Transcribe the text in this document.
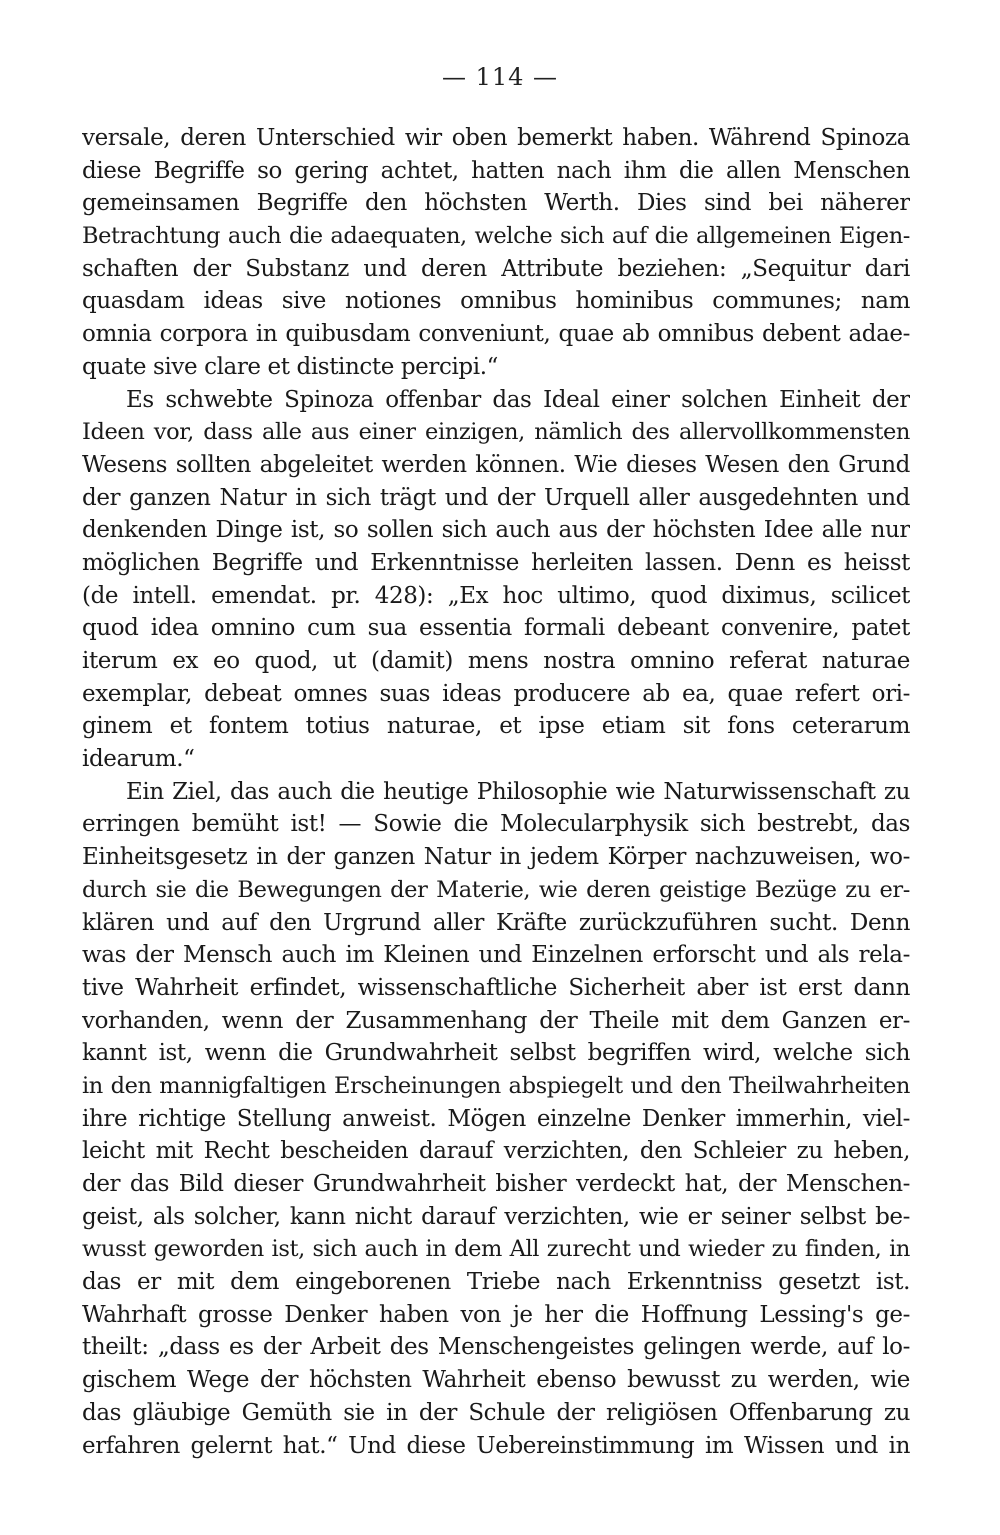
— 114 —
versale, deren Unterschied wir oben bemerkt haben. Während Spinoza
diese Begriffe so gering achtet, hatten nach ihm die allen Menschen
gemeinsamen Begriffe den höchsten Werth. Dies sind bei näherer
Betrachtung auch die adaequaten, welche sich auf die allgemeinen Eigen-
schaften der Substanz und deren Attribute beziehen: „Sequitur dari
quasdam ideas sive notiones omnibus hominibus communes; nam
omnia corpora in quibusdam conveniunt, quae ab omnibus debent adae-
quate sive clare et distincte percipi.“
Es schwebte Spinoza offenbar das Ideal einer solchen Einheit der
Ideen vor, dass alle aus einer einzigen, nämlich des allervollkommensten
Wesens sollten abgeleitet werden können. Wie dieses Wesen den Grund
der ganzen Natur in sich trägt und der Urquell aller ausgedehnten und
denkenden Dinge ist, so sollen sich auch aus der höchsten Idee alle nur
möglichen Begriffe und Erkenntnisse herleiten lassen. Denn es heisst
(de intell. emendat. pr. 428): „Ex hoc ultimo, quod diximus, scilicet
quod idea omnino cum sua essentia formali debeant convenire, patet
iterum ex eo quod, ut (damit) mens nostra omnino referat naturae
exemplar, debeat omnes suas ideas producere ab ea, quae refert ori-
ginem et fontem totius naturae, et ipse etiam sit fons ceterarum
idearum.“
Ein Ziel, das auch die heutige Philosophie wie Naturwissenschaft zu
erringen bemüht ist! — Sowie die Molecularphysik sich bestrebt, das
Einheitsgesetz in der ganzen Natur in jedem Körper nachzuweisen, wo-
durch sie die Bewegungen der Materie, wie deren geistige Bezüge zu er-
klären und auf den Urgrund aller Kräfte zurückzuführen sucht. Denn
was der Mensch auch im Kleinen und Einzelnen erforscht und als rela-
tive Wahrheit erfindet, wissenschaftliche Sicherheit aber ist erst dann
vorhanden, wenn der Zusammenhang der Theile mit dem Ganzen er-
kannt ist, wenn die Grundwahrheit selbst begriffen wird, welche sich
in den mannigfaltigen Erscheinungen abspiegelt und den Theilwahrheiten
ihre richtige Stellung anweist. Mögen einzelne Denker immerhin, viel-
leicht mit Recht bescheiden darauf verzichten, den Schleier zu heben,
der das Bild dieser Grundwahrheit bisher verdeckt hat, der Menschen-
geist, als solcher, kann nicht darauf verzichten, wie er seiner selbst be-
wusst geworden ist, sich auch in dem All zurecht und wieder zu finden, in
das er mit dem eingeborenen Triebe nach Erkenntniss gesetzt ist.
Wahrhaft grosse Denker haben von je her die Hoffnung Lessing's ge-
theilt: „dass es der Arbeit des Menschengeistes gelingen werde, auf lo-
gischem Wege der höchsten Wahrheit ebenso bewusst zu werden, wie
das gläubige Gemüth sie in der Schule der religiösen Offenbarung zu
erfahren gelernt hat.“ Und diese Uebereinstimmung im Wissen und in
